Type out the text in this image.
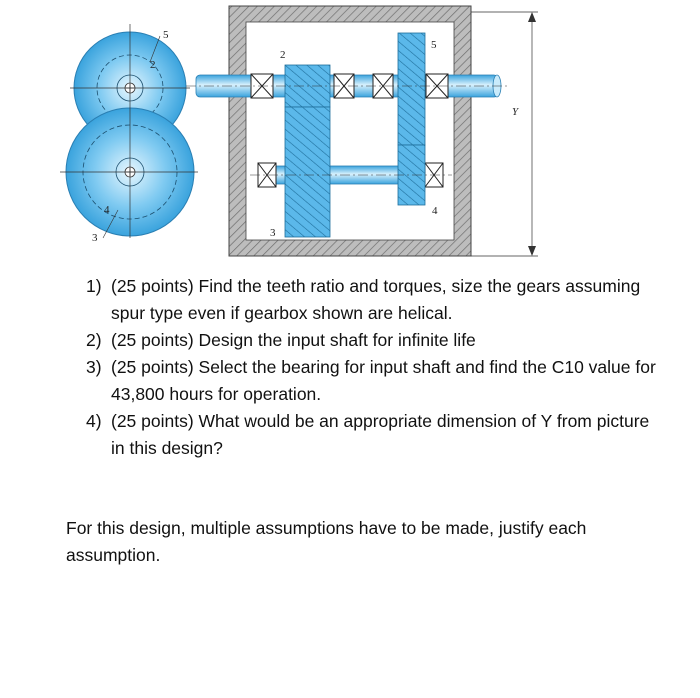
5
2
4
3
2
3
5
4
Y
1) (25 points) Find the teeth ratio and torques, size the gears assuming spur type even if gearbox shown are helical.
2) (25 points) Design the input shaft for infinite life
3) (25 points) Select the bearing for input shaft and find the C10 value for 43,800 hours for operation.
4) (25 points) What would be an appropriate dimension of Y from picture in this design?

For this design, multiple assumptions have to be made, justify each assumption.
